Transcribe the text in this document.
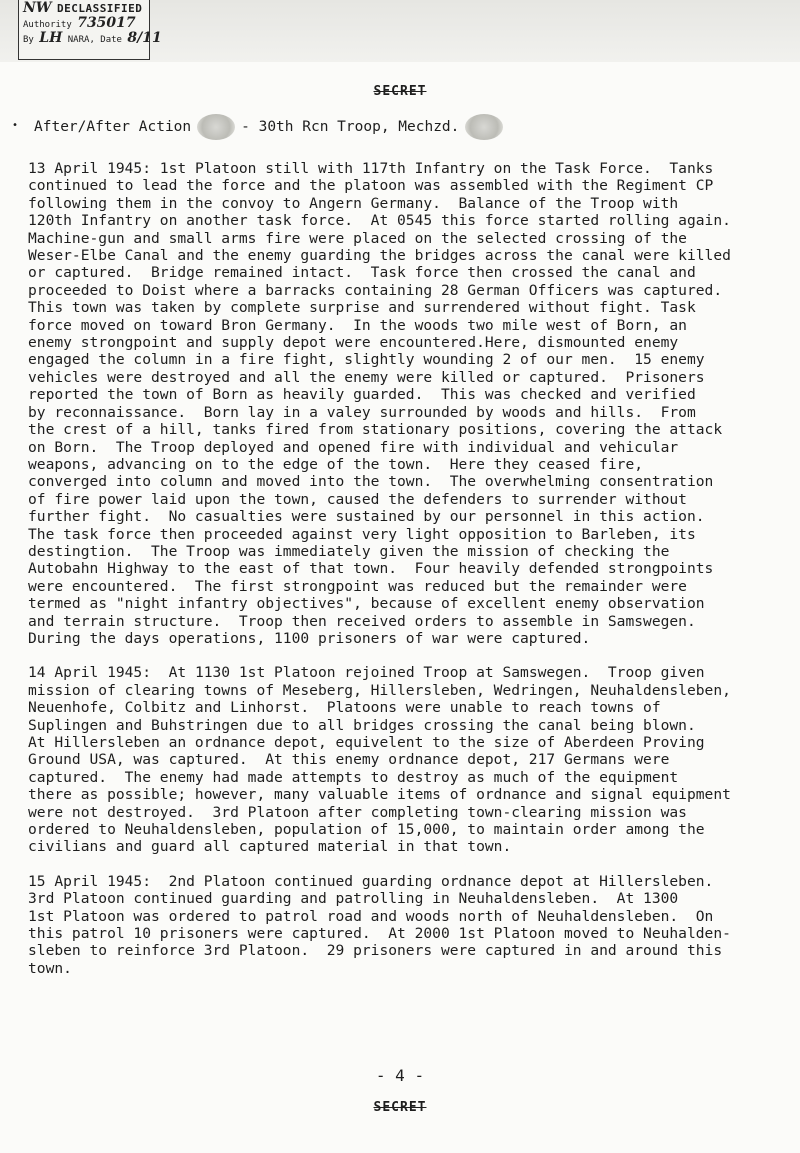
NW DECLASSIFIED
Authority 735017
By LH NARA, Date 8/11
SECRET
• After/After Action	- 30th Rcn Troop, Mechzd.

13 April 1945: 1st Platoon still with 117th Infantry on the Task Force.  Tanks
continued to lead the force and the platoon was assembled with the Regiment CP
following them in the convoy to Angern Germany.  Balance of the Troop with
120th Infantry on another task force.  At 0545 this force started rolling again.
Machine-gun and small arms fire were placed on the selected crossing of the
Weser-Elbe Canal and the enemy guarding the bridges across the canal were killed
or captured.  Bridge remained intact.  Task force then crossed the canal and
proceeded to Doist where a barracks containing 28 German Officers was captured.
This town was taken by complete surprise and surrendered without fight. Task
force moved on toward Bron Germany.  In the woods two mile west of Born, an
enemy strongpoint and supply depot were encountered.Here, dismounted enemy
engaged the column in a fire fight, slightly wounding 2 of our men.  15 enemy
vehicles were destroyed and all the enemy were killed or captured.  Prisoners
reported the town of Born as heavily guarded.  This was checked and verified
by reconnaissance.  Born lay in a valey surrounded by woods and hills.  From
the crest of a hill, tanks fired from stationary positions, covering the attack
on Born.  The Troop deployed and opened fire with individual and vehicular
weapons, advancing on to the edge of the town.  Here they ceased fire,
converged into column and moved into the town.  The overwhelming consentration
of fire power laid upon the town, caused the defenders to surrender without
further fight.  No casualties were sustained by our personnel in this action.
The task force then proceeded against very light opposition to Barleben, its
destingtion.  The Troop was immediately given the mission of checking the
Autobahn Highway to the east of that town.  Four heavily defended strongpoints
were encountered.  The first strongpoint was reduced but the remainder were
termed as "night infantry objectives", because of excellent enemy observation
and terrain structure.  Troop then received orders to assemble in Samswegen.
During the days operations, 1100 prisoners of war were captured.

14 April 1945:  At 1130 1st Platoon rejoined Troop at Samswegen.  Troop given
mission of clearing towns of Meseberg, Hillersleben, Wedringen, Neuhaldensleben,
Neuenhofe, Colbitz and Linhorst.  Platoons were unable to reach towns of
Suplingen and Buhstringen due to all bridges crossing the canal being blown.
At Hillersleben an ordnance depot, equivelent to the size of Aberdeen Proving
Ground USA, was captured.  At this enemy ordnance depot, 217 Germans were
captured.  The enemy had made attempts to destroy as much of the equipment
there as possible; however, many valuable items of ordnance and signal equipment
were not destroyed.  3rd Platoon after completing town-clearing mission was
ordered to Neuhaldensleben, population of 15,000, to maintain order among the
civilians and guard all captured material in that town.

15 April 1945:  2nd Platoon continued guarding ordnance depot at Hillersleben.
3rd Platoon continued guarding and patrolling in Neuhaldensleben.  At 1300
1st Platoon was ordered to patrol road and woods north of Neuhaldensleben.  On
this patrol 10 prisoners were captured.  At 2000 1st Platoon moved to Neuhalden-
sleben to reinforce 3rd Platoon.  29 prisoners were captured in and around this
town.

- 4 -
SECRET
